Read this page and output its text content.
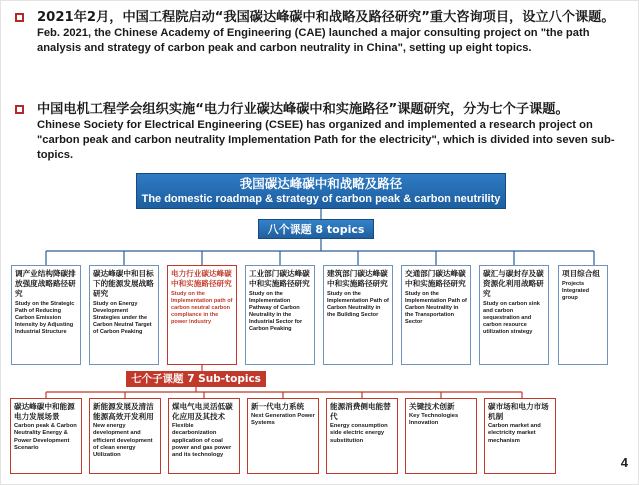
2021年2月，中国工程院启动“我国碳达峰碳中和战略及路径研究”重大咨询项目，设立八个课题。
Feb. 2021, the Chinese Academy of Engineering (CAE) launched a major consulting project on "the path analysis and strategy of carbon peak and carbon neutrality in China", setting up eight topics.
中国电机工程学会组织实施“电力行业碳达峰碳中和实施路径”课题研究，分为七个子课题。
Chinese Society for Electrical Engineering (CSEE) has organized and implemented a research project on "carbon peak and carbon neutrality Implementation Path for the electricity", which is divided into seven sub-topics.
我国碳达峰碳中和战略及路径
The domestic roadmap & strategy of carbon peak & carbon neutrility
八个课题 8 topics
调产业结构降碳排放强度战略路径研究
Study on the Strategic Path of Reducing Carbon Emission Intensity by Adjusting Industrial Structure
碳达峰碳中和目标下的能源发展战略研究
Study on Energy Development Strategies under the Carbon Neutral Target of Carbon Peaking
电力行业碳达峰碳中和实施路径研究
Study on the Implementation path of carbon neutral carbon compliance in the power industry
工业部门碳达峰碳中和实施路径研究
Study on the Implementation Pathway of Carbon Neutrality in the Industrial Sector for Carbon Peaking
建筑部门碳达峰碳中和实施路径研究
Study on the Implementation Path of Carbon Neutrality in the Building Sector
交通部门碳达峰碳中和实施路径研究
Study on the Implementation Path of Carbon Neutrality in the Transportation Sector
碳汇与碳封存及碳资源化利用战略研究
Study on carbon sink and carbon sequestration and carbon resource utilization strategy
项目综合组
Projects Integrated group
七个子课题 7 Sub-topics
碳达峰碳中和能源电力发展场景
Carbon peak & Carbon Neutrality Energy & Power Development Scenario
新能源发展及清洁能源高效开发利用
New energy development and efficient development of clean energy Utilization
煤电气电灵活低碳化应用及其技术
Flexible decarbonization application of coal power and gas power and its technology
新一代电力系统
Next Generation Power Systems
能源消费侧电能替代
Energy consumption side electric energy substitution
关键技术创新
Key Technologies Innovation
碳市场和电力市场机制
Carbon market and electricity market mechanism
4
